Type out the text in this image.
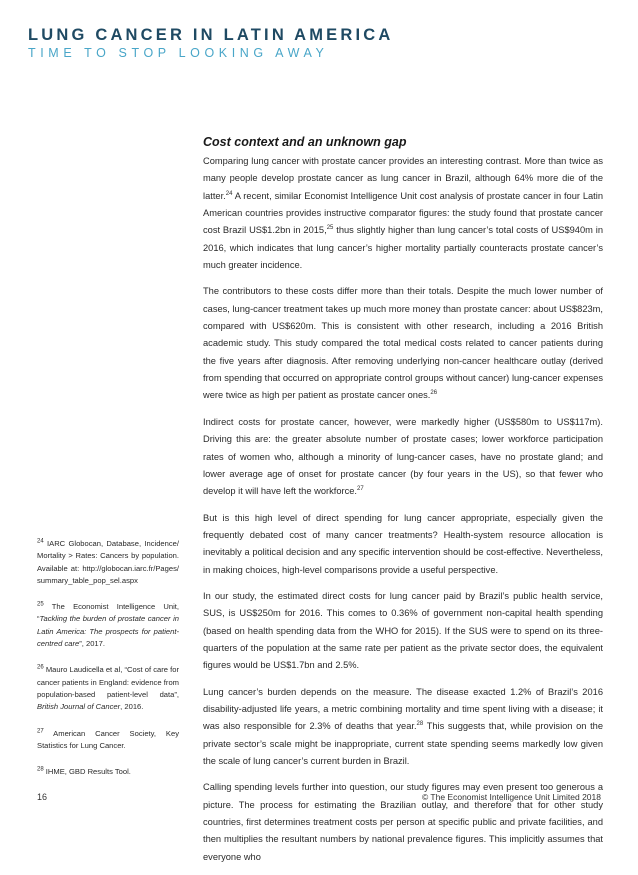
LUNG CANCER IN LATIN AMERICA
TIME TO STOP LOOKING AWAY
Cost context and an unknown gap

Comparing lung cancer with prostate cancer provides an interesting contrast. More than twice as many people develop prostate cancer as lung cancer in Brazil, although 64% more die of the latter.$^{24}$ A recent, similar Economist Intelligence Unit cost analysis of prostate cancer in four Latin American countries provides instructive comparator figures: the study found that prostate cancer cost Brazil US$1.2bn in 2015,25 thus slightly higher than lung cancer’s total costs of US$940m in 2016, which indicates that lung cancer’s higher mortality partially counteracts prostate cancer’s much greater incidence.

The contributors to these costs differ more than their totals. Despite the much lower number of cases, lung-cancer treatment takes up much more money than prostate cancer: about US$823m, compared with US$620m. This is consistent with other research, including a 2016 British academic study. This study compared the total medical costs related to cancer patients during the five years after diagnosis. After removing underlying non-cancer healthcare outlay (derived from spending that occurred on appropriate control groups without cancer) lung-cancer expenses were twice as high per patient as prostate cancer ones.$^{26}$

Indirect costs for prostate cancer, however, were markedly higher (US$580m to US$117m). Driving this are: the greater absolute number of prostate cases; lower workforce participation rates of women who, although a minority of lung-cancer cases, have no prostate gland; and lower average age of onset for prostate cancer (by four years in the US), so that fewer who develop it will have left the workforce.$^{27}$

But is this high level of direct spending for lung cancer appropriate, especially given the frequently debated cost of many cancer treatments? Health-system resource allocation is inevitably a political decision and any specific intervention should be cost-effective. Nevertheless, in making choices, high-level comparisons provide a useful perspective.

In our study, the estimated direct costs for lung cancer paid by Brazil’s public health service, SUS, is US$250m for 2016. This comes to 0.36% of government non-capital health spending (based on health spending data from the WHO for 2015). If the SUS were to spend on its three-quarters of the population at the same rate per patient as the private sector does, the equivalent figures would be US$1.7bn and 2.5%.

Lung cancer’s burden depends on the measure. The disease exacted 1.2% of Brazil’s 2016 disability-adjusted life years, a metric combining mortality and time spent living with a disease; it was also responsible for 2.3% of deaths that year.$^{28}$ This suggests that, while provision on the private sector’s scale might be inappropriate, current state spending seems markedly low given the scale of lung cancer’s current burden in Brazil.

Calling spending levels further into question, our study figures may even present too generous a picture. The process for estimating the Brazilian outlay, and therefore that for other study countries, first determines treatment costs per person at specific public and private facilities, and then multiplies the resultant numbers by national prevalence figures. This implicitly assumes that everyone who

$^{24}$ IARC Globocan, Database, Incidence/ Mortality > Rates: Cancers by population. Available at: http://globocan.iarc.fr/Pages/ summary_table_pop_sel.aspx

$^{25}$ The Economist Intelligence Unit, “Tackling the burden of prostate cancer in Latin America: The prospects for patient-centred care”, 2017.

$^{26}$ Mauro Laudicella et al, “Cost of care for cancer patients in England: evidence from population-based patient-level data”, British Journal of Cancer, 2016.

$^{27}$ American Cancer Society, Key Statistics for Lung Cancer.

$^{28}$ IHME, GBD Results Tool.

16	© The Economist Intelligence Unit Limited 2018
